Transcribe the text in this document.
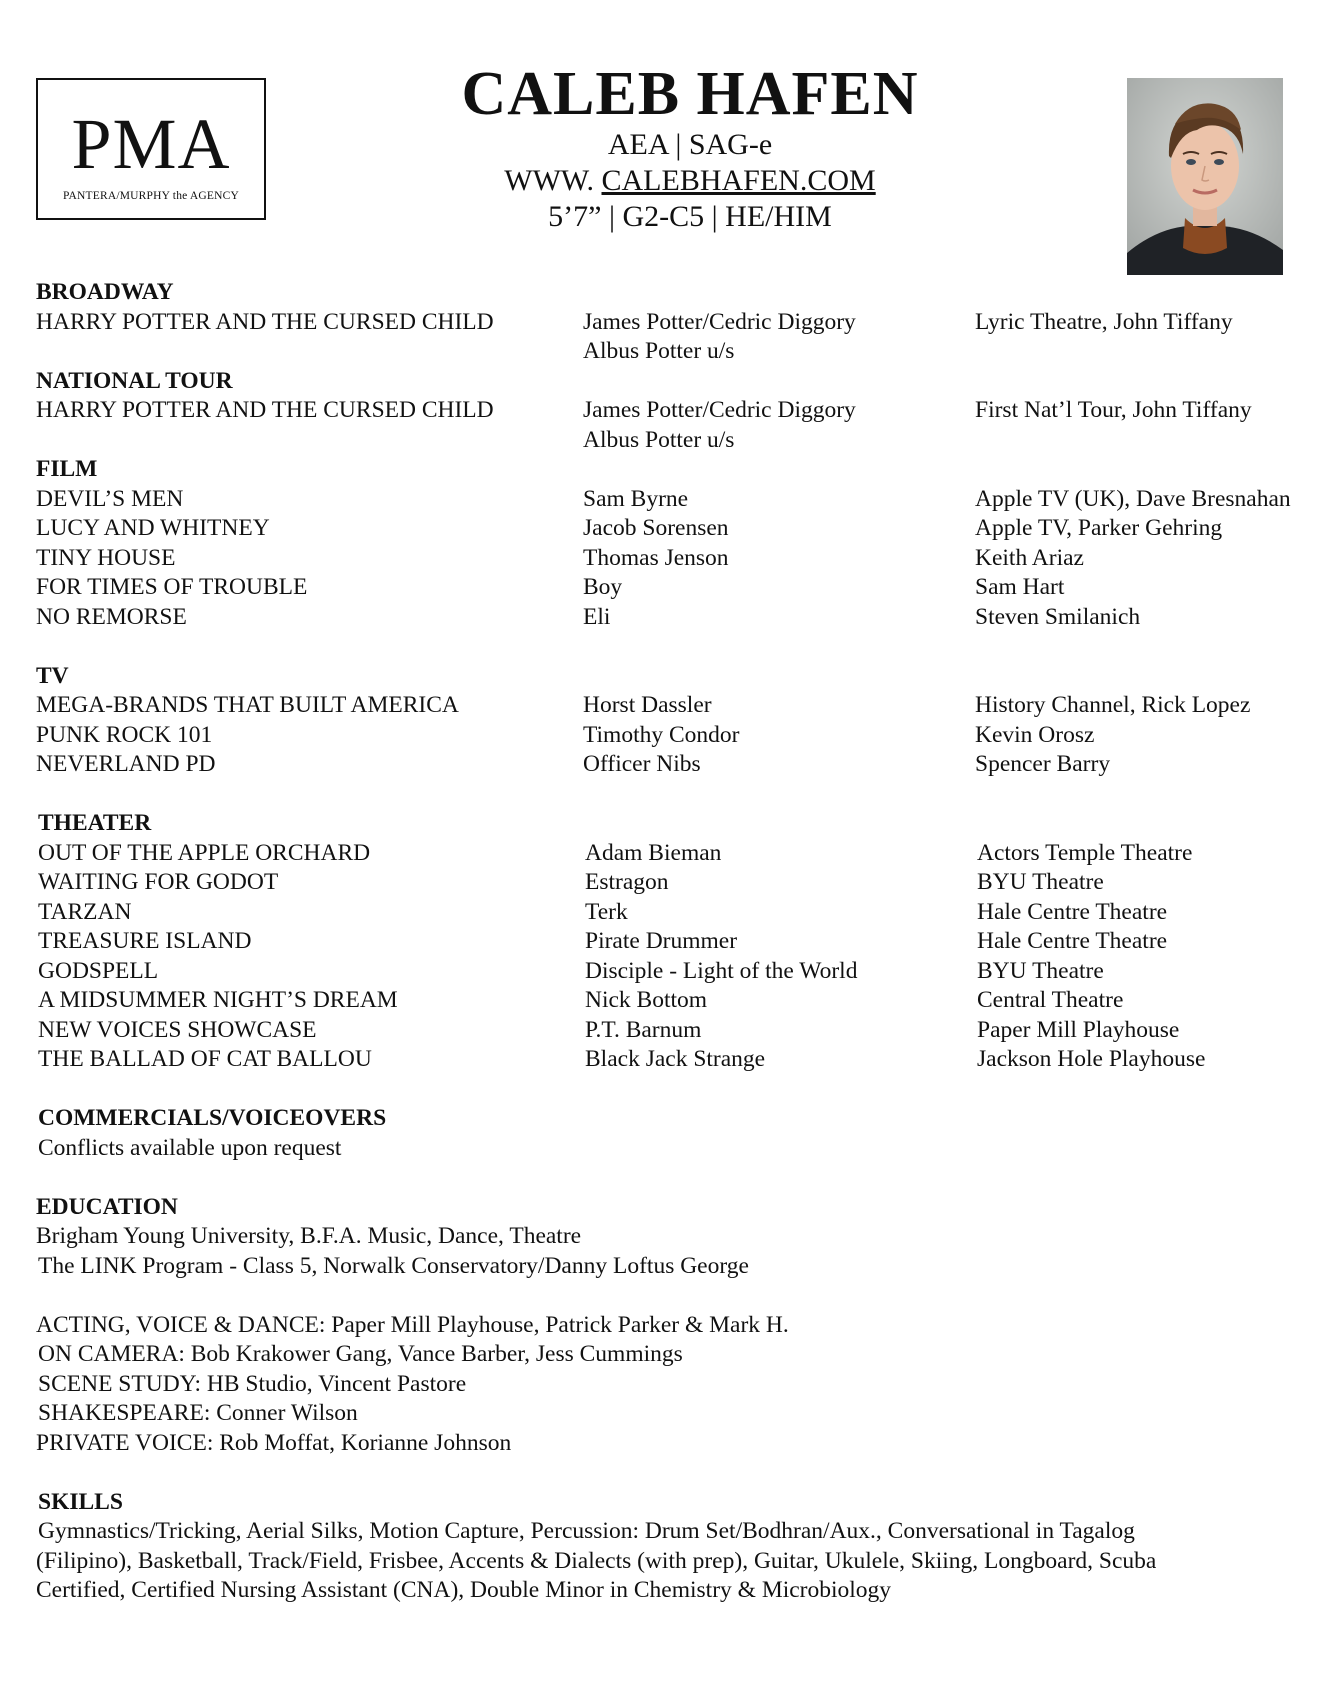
PMA
PANTERA/MURPHY the AGENCY
CALEB HAFEN
AEA | SAG-e
WWW. CALEBHAFEN.COM
5’7” | G2-C5 | HE/HIM
BROADWAY
HARRY POTTER AND THE CURSED CHILD	James Potter/Cedric Diggory	Lyric Theatre, John Tiffany
Albus Potter u/s
NATIONAL TOUR
HARRY POTTER AND THE CURSED CHILD	James Potter/Cedric Diggory	First Nat’l Tour, John Tiffany
Albus Potter u/s
FILM
DEVIL’S MEN	Sam Byrne	Apple TV (UK), Dave Bresnahan
LUCY AND WHITNEY	Jacob Sorensen	Apple TV, Parker Gehring
TINY HOUSE	Thomas Jenson	Keith Ariaz
FOR TIMES OF TROUBLE	Boy	Sam Hart
NO REMORSE	Eli	Steven Smilanich
TV
MEGA-BRANDS THAT BUILT AMERICA	Horst Dassler	History Channel, Rick Lopez
PUNK ROCK 101	Timothy Condor	Kevin Orosz
NEVERLAND PD	Officer Nibs	Spencer Barry
THEATER
OUT OF THE APPLE ORCHARD	Adam Bieman	Actors Temple Theatre
WAITING FOR GODOT	Estragon	BYU Theatre
TARZAN	Terk	Hale Centre Theatre
TREASURE ISLAND	Pirate Drummer	Hale Centre Theatre
GODSPELL	Disciple - Light of the World	BYU Theatre
A MIDSUMMER NIGHT’S DREAM	Nick Bottom	Central Theatre
NEW VOICES SHOWCASE	P.T. Barnum	Paper Mill Playhouse
THE BALLAD OF CAT BALLOU	Black Jack Strange	Jackson Hole Playhouse
COMMERCIALS/VOICEOVERS
Conflicts available upon request
EDUCATION
Brigham Young University, B.F.A. Music, Dance, Theatre
The LINK Program - Class 5, Norwalk Conservatory/Danny Loftus George
ACTING, VOICE & DANCE: Paper Mill Playhouse, Patrick Parker & Mark H.
ON CAMERA: Bob Krakower Gang, Vance Barber, Jess Cummings
SCENE STUDY: HB Studio, Vincent Pastore
SHAKESPEARE: Conner Wilson
PRIVATE VOICE: Rob Moffat, Korianne Johnson
SKILLS
Gymnastics/Tricking, Aerial Silks, Motion Capture, Percussion: Drum Set/Bodhran/Aux., Conversational in Tagalog
(Filipino), Basketball, Track/Field, Frisbee, Accents & Dialects (with prep), Guitar, Ukulele, Skiing, Longboard, Scuba
Certified, Certified Nursing Assistant (CNA), Double Minor in Chemistry & Microbiology
